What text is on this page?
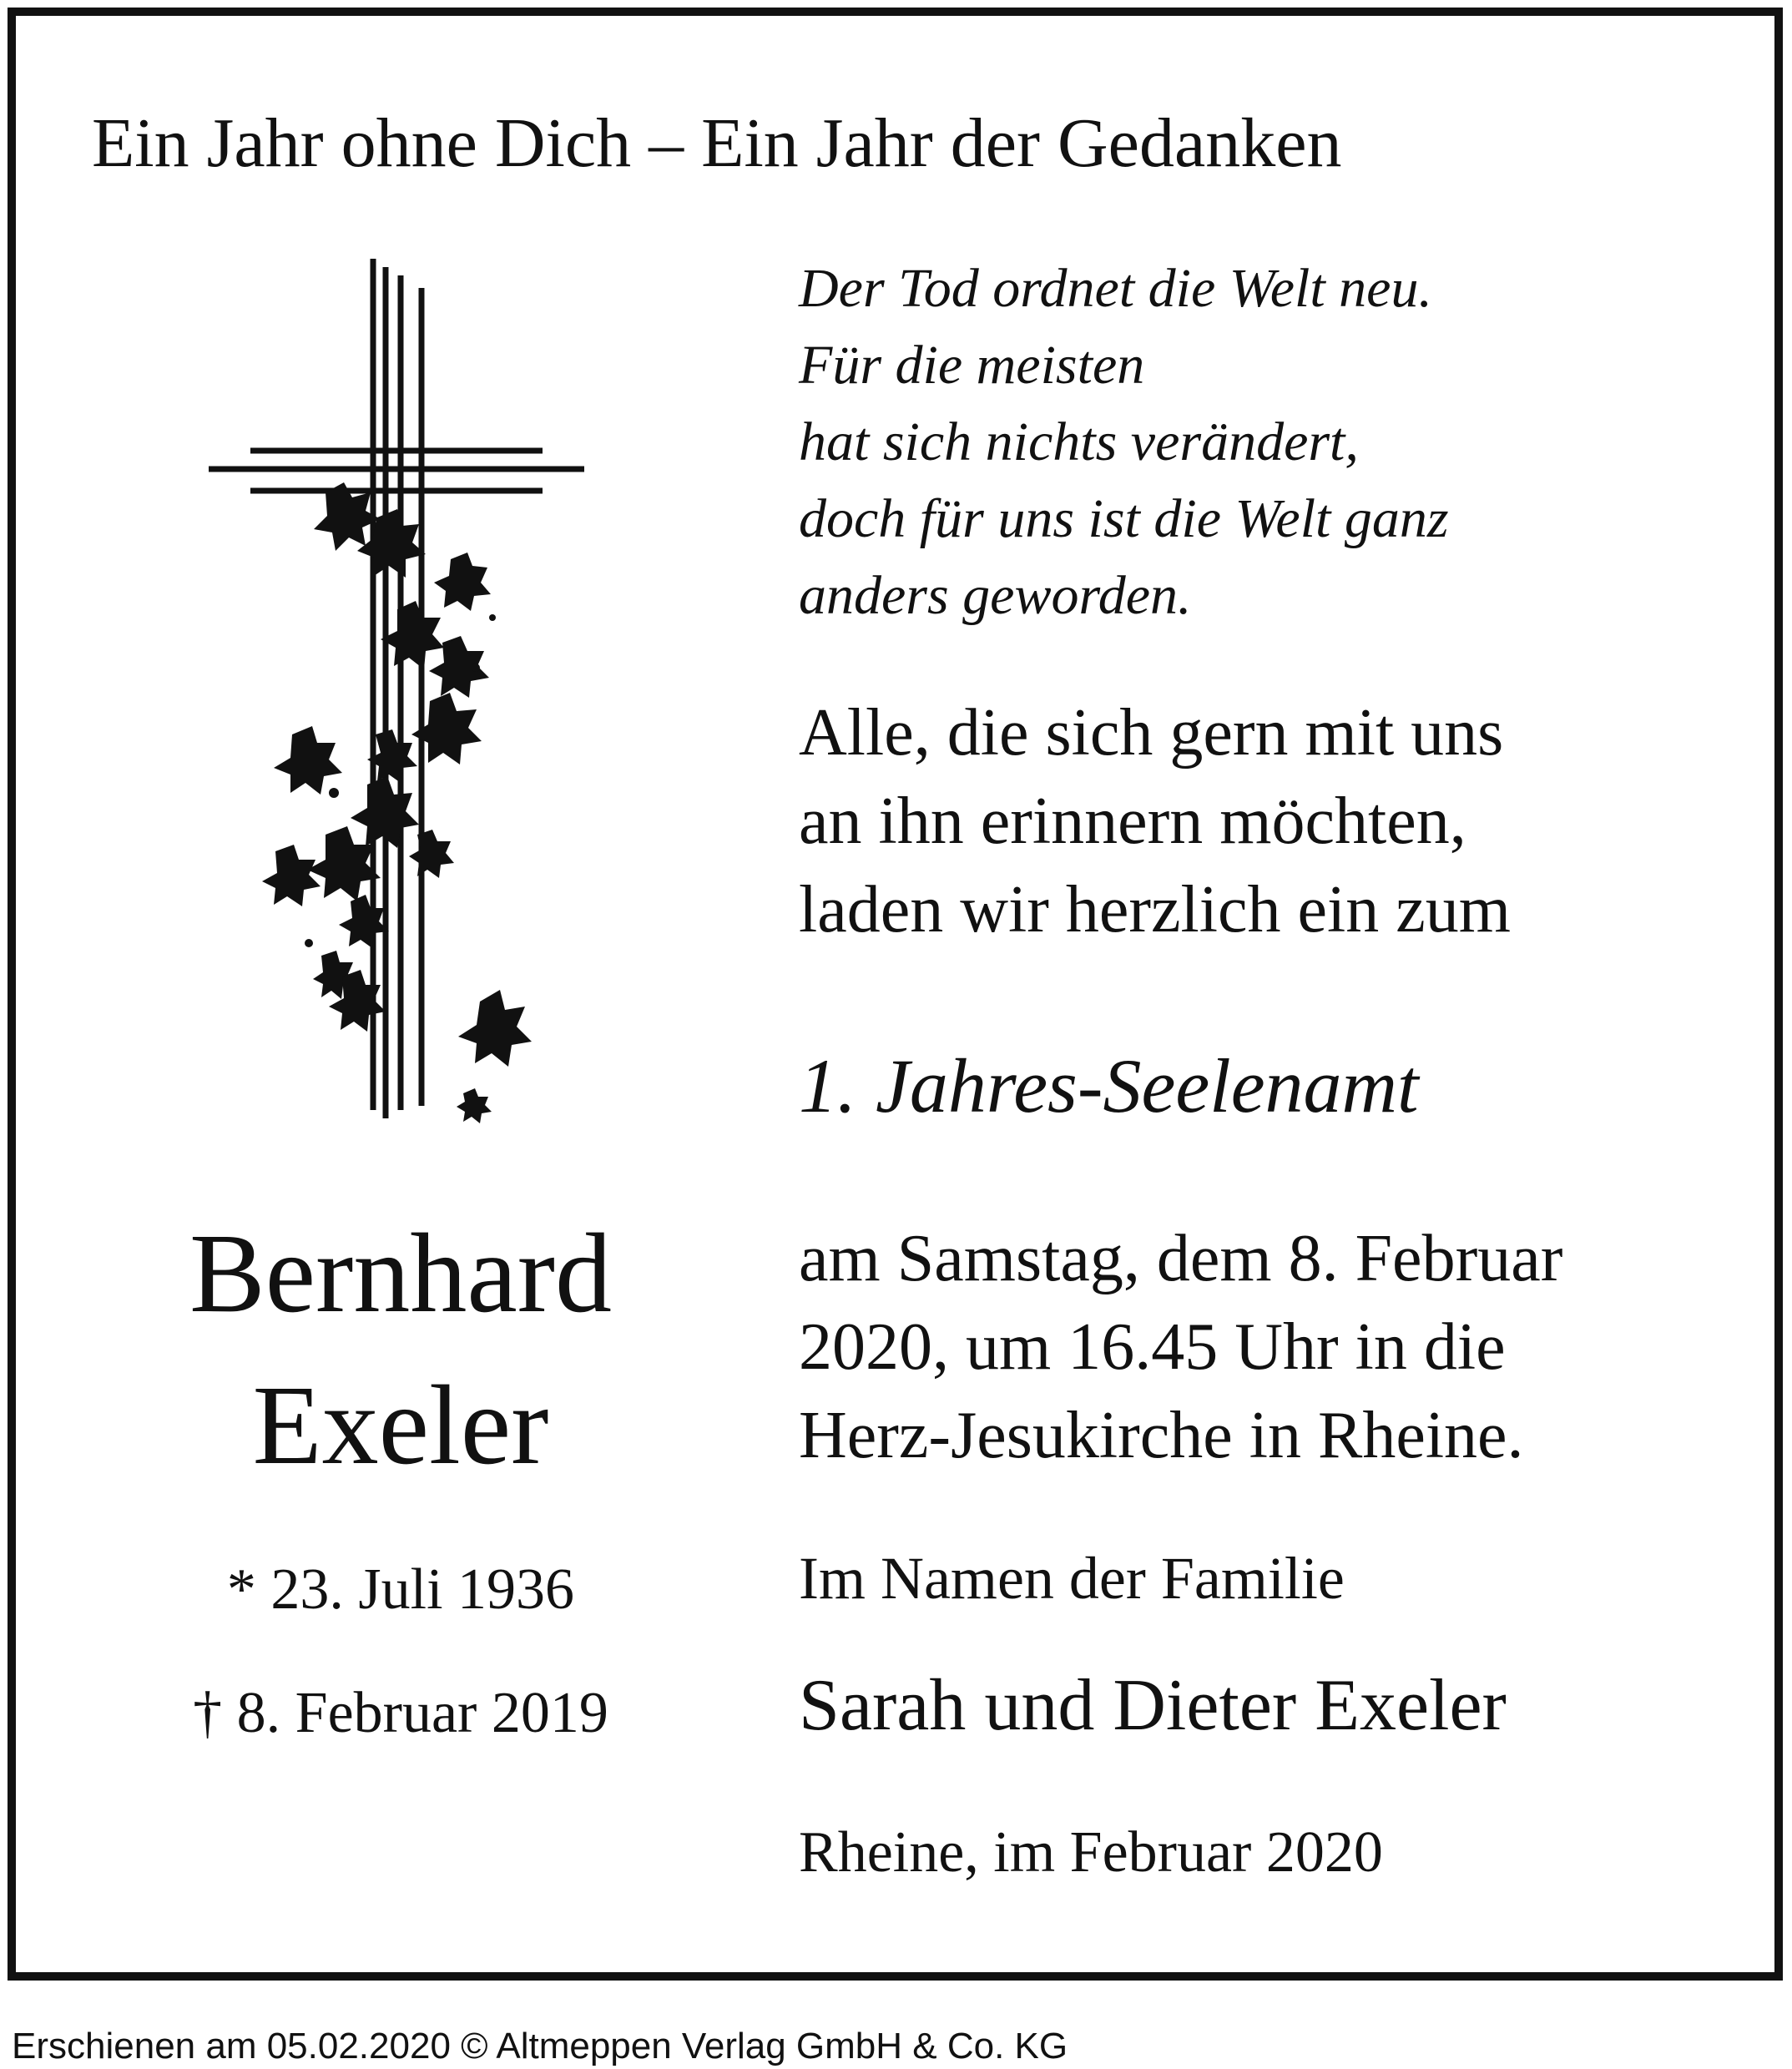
Ein Jahr ohne Dich – Ein Jahr der Gedanken
Der Tod ordnet die Welt neu.
Für die meisten
hat sich nichts verändert,
doch für uns ist die Welt ganz
anders geworden.
Alle, die sich gern mit uns
an ihn erinnern möchten,
laden wir herzlich ein zum
1. Jahres-Seelenamt
am Samstag, dem 8. Februar
2020, um 16.45 Uhr in die
Herz-Jesukirche in Rheine.
Im Namen der Familie
Sarah und Dieter Exeler
Rheine, im Februar 2020
Bernhard
Exeler
* 23. Juli 1936
† 8. Februar 2019
Erschienen am 05.02.2020 © Altmeppen Verlag GmbH & Co. KG
